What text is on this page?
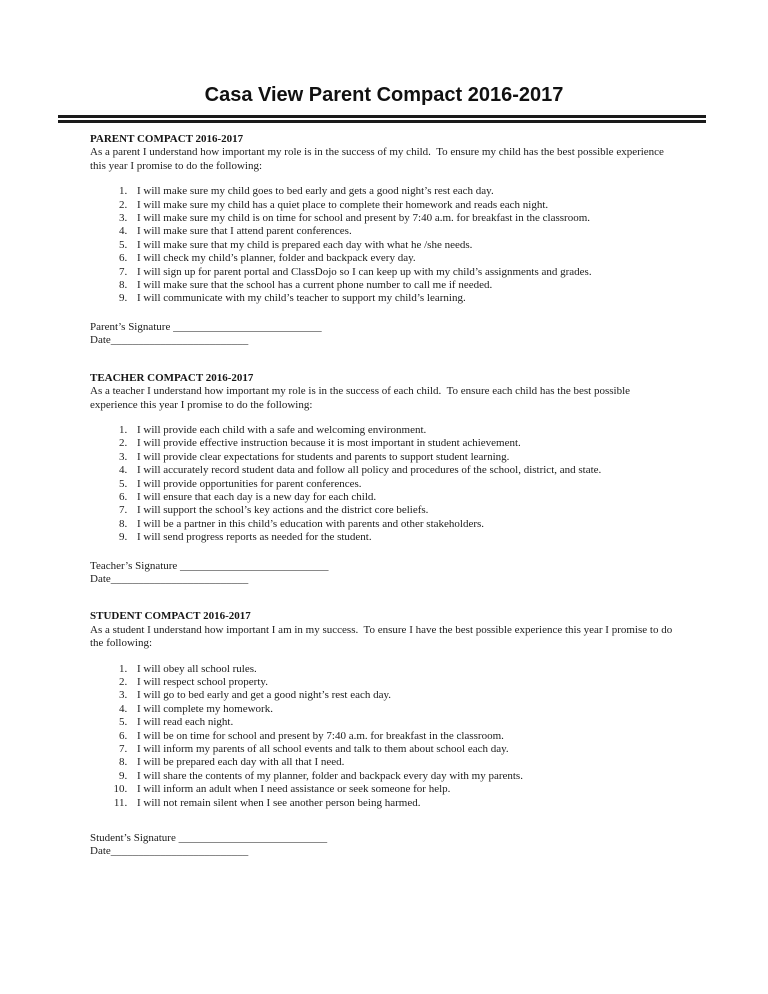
Casa View Parent Compact 2016-2017
PARENT COMPACT 2016-2017

As a parent I understand how important my role is in the success of my child.  To ensure my child has the best possible experience this year I promise to do the following:

1. I will make sure my child goes to bed early and gets a good night’s rest each day.
2. I will make sure my child has a quiet place to complete their homework and reads each night.
3. I will make sure my child is on time for school and present by 7:40 a.m. for breakfast in the classroom.
4. I will make sure that I attend parent conferences.
5. I will make sure that my child is prepared each day with what he /she needs.
6. I will check my child’s planner, folder and backpack every day.
7. I will sign up for parent portal and ClassDojo so I can keep up with my child’s assignments and grades.
8. I will make sure that the school has a current phone number to call me if needed.
9. I will communicate with my child’s teacher to support my child’s learning.

Parent’s Signature ___________________________

Date_________________________

TEACHER COMPACT 2016-2017

As a teacher I understand how important my role is in the success of each child.  To ensure each child has the best possible experience this year I promise to do the following:

1. I will provide each child with a safe and welcoming environment.
2. I will provide effective instruction because it is most important in student achievement.
3. I will provide clear expectations for students and parents to support student learning.
4. I will accurately record student data and follow all policy and procedures of the school, district, and state.
5. I will provide opportunities for parent conferences.
6. I will ensure that each day is a new day for each child.
7. I will support the school’s key actions and the district core beliefs.
8. I will be a partner in this child’s education with parents and other stakeholders.
9. I will send progress reports as needed for the student.

Teacher’s Signature ___________________________

Date_________________________

STUDENT COMPACT 2016-2017

As a student I understand how important I am in my success.  To ensure I have the best possible experience this year I promise to do the following:

1. I will obey all school rules.
2. I will respect school property.
3. I will go to bed early and get a good night’s rest each day.
4. I will complete my homework.
5. I will read each night.
6. I will be on time for school and present by 7:40 a.m. for breakfast in the classroom.
7. I will inform my parents of all school events and talk to them about school each day.
8. I will be prepared each day with all that I need.
9. I will share the contents of my planner, folder and backpack every day with my parents.
10. I will inform an adult when I need assistance or seek someone for help.
11. I will not remain silent when I see another person being harmed.

Student’s Signature ___________________________

Date_________________________
